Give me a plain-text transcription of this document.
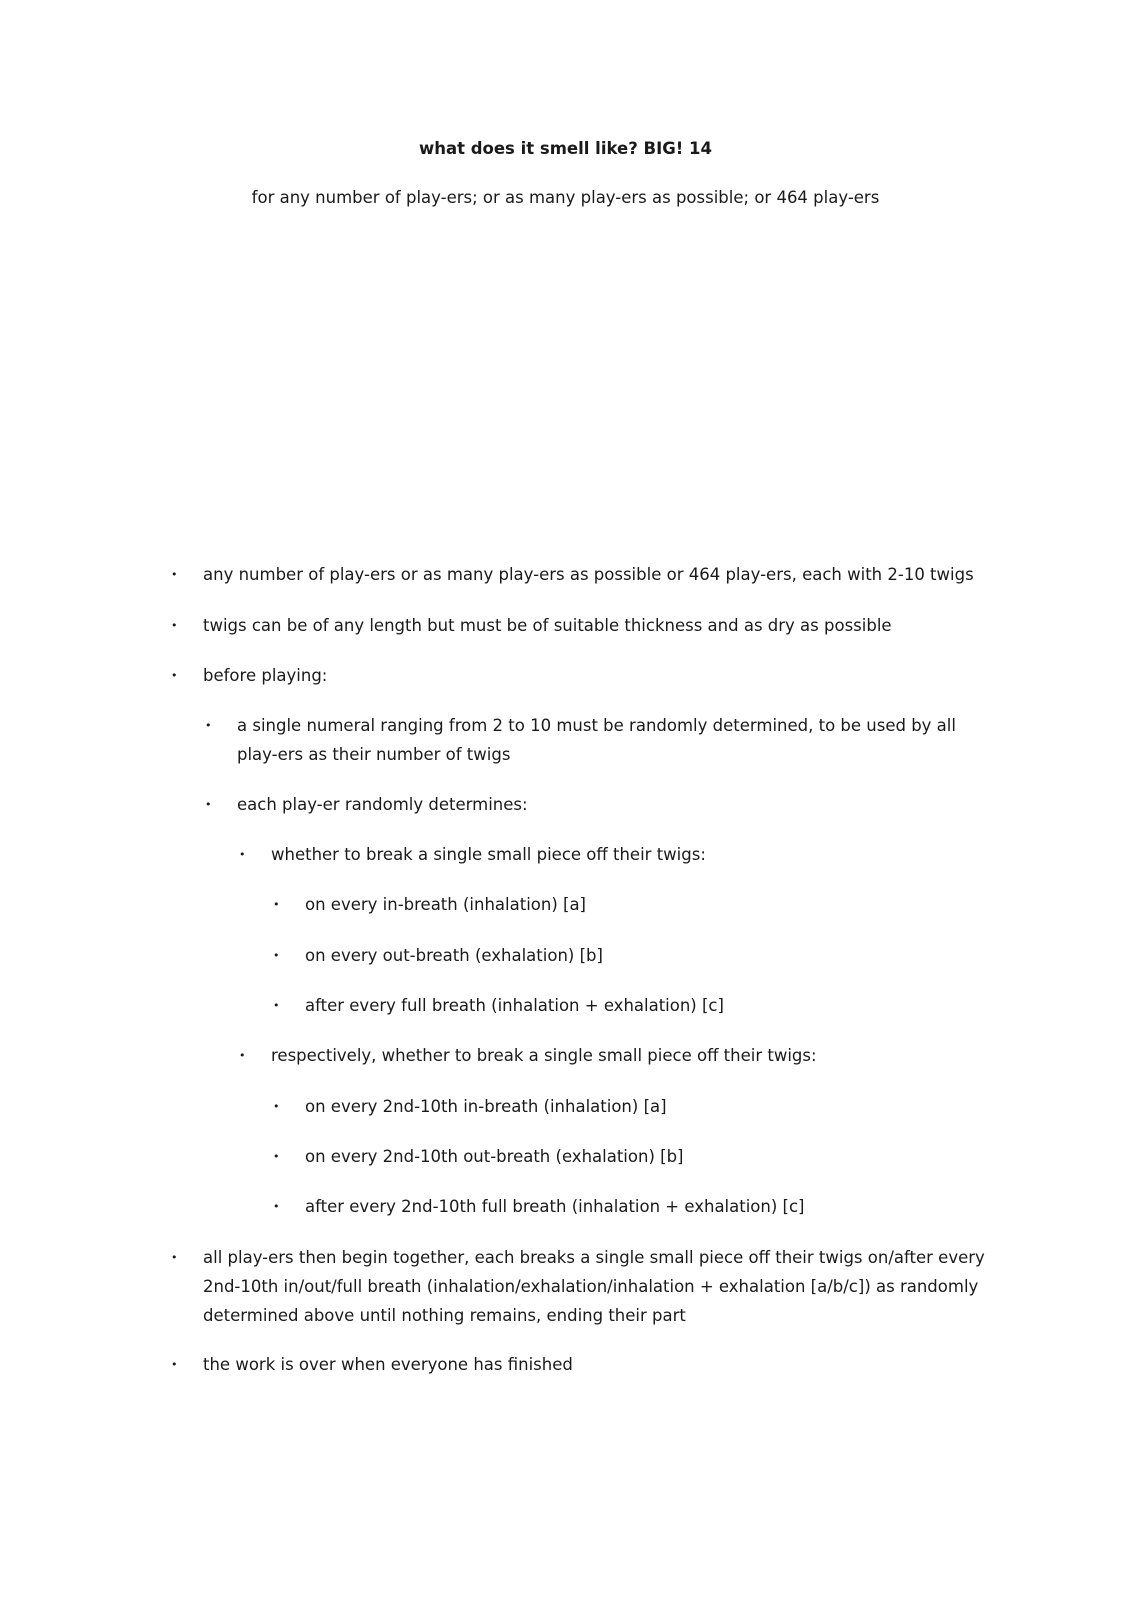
what does it smell like? BIG! 14

for any number of play-ers; or as many play-ers as possible; or 464 play-ers

• any number of play-ers or as many play-ers as possible or 464 play-ers, each with 2-10 twigs
• twigs can be of any length but must be of suitable thickness and as dry as possible
• before playing:
• a single numeral ranging from 2 to 10 must be randomly determined, to be used by all play-ers as their number of twigs
• each play-er randomly determines:
• whether to break a single small piece off their twigs:
• on every in-breath (inhalation) [a]
• on every out-breath (exhalation) [b]
• after every full breath (inhalation + exhalation) [c]
• respectively, whether to break a single small piece off their twigs:
• on every 2nd-10th in-breath (inhalation) [a]
• on every 2nd-10th out-breath (exhalation) [b]
• after every 2nd-10th full breath (inhalation + exhalation) [c]
• all play-ers then begin together, each breaks a single small piece off their twigs on/after every 2nd-10th in/out/full breath (inhalation/exhalation/inhalation + exhalation [a/b/c]) as randomly determined above until nothing remains, ending their part
• the work is over when everyone has finished
